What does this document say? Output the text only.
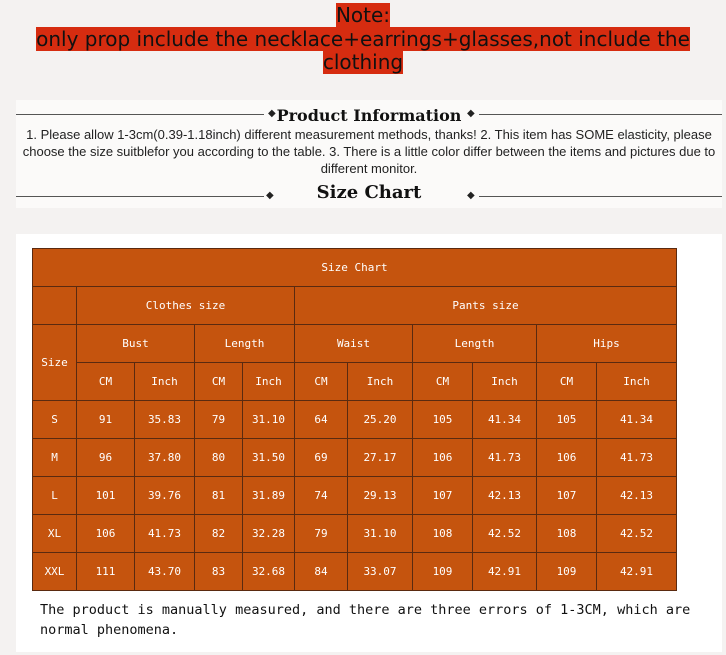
Note:
only prop include the necklace+earrings+glasses,not include the
clothing
◆	◆
Product Information
1. Please allow 1-3cm(0.39-1.18inch) different measurement methods, thanks! 2. This item has SOME elasticity, please choose the size suitblefor you according to the table. 3. There is a little color differ between the items and pictures due to different monitor.
◆	Size Chart	◆
Size Chart										
	Clothes size				Pants size					
Size	Bust		Length		Waist		Length		Hips	
	CM	Inch	CM	Inch	CM	Inch	CM	Inch	CM	Inch
S	91	35.83	79	31.10	64	25.20	105	41.34	105	41.34
M	96	37.80	80	31.50	69	27.17	106	41.73	106	41.73
L	101	39.76	81	31.89	74	29.13	107	42.13	107	42.13
XL	106	41.73	82	32.28	79	31.10	108	42.52	108	42.52
XXL	111	43.70	83	32.68	84	33.07	109	42.91	109	42.91
The product is manually measured, and there are three errors of 1-3CM, which are normal phenomena.
